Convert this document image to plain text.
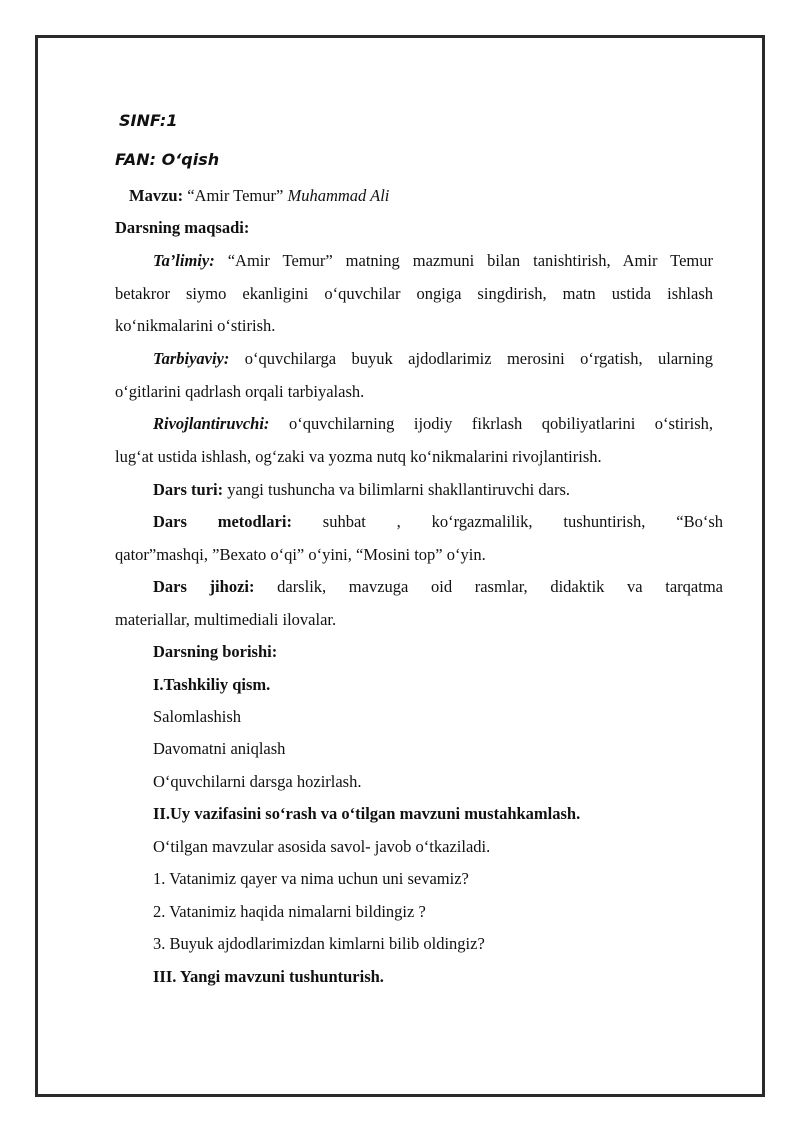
SINF:1

FAN: O‘qish

Mavzu: “Amir Temur” Muhammad Ali

Darsning maqsadi:

Ta’limiy: “Amir Temur” matning mazmuni bilan tanishtirish, Amir Temur

betakror siymo ekanligini o‘quvchilar ongiga singdirish, matn ustida ishlash

ko‘nikmalarini o‘stirish.

Tarbiyaviy: o‘quvchilarga buyuk ajdodlarimiz merosini o‘rgatish, ularning

o‘gitlarini qadrlash orqali tarbiyalash.

Rivojlantiruvchi: o‘quvchilarning ijodiy fikrlash qobiliyatlarini o‘stirish,

lug‘at ustida ishlash, og‘zaki va yozma nutq ko‘nikmalarini rivojlantirish.

Dars turi: yangi tushuncha va bilimlarni shakllantiruvchi dars.

Dars metodlari: suhbat , ko‘rgazmalilik, tushuntirish, “Bo‘sh

qator”mashqi, ”Bexato o‘qi” o‘yini, “Mosini top” o‘yin.

Dars jihozi: darslik, mavzuga oid rasmlar, didaktik va tarqatma

materiallar, multimediali ilovalar.

Darsning borishi:

I.Tashkiliy qism.

Salomlashish

Davomatni aniqlash

O‘quvchilarni darsga hozirlash.

II.Uy vazifasini so‘rash va o‘tilgan mavzuni mustahkamlash.

O‘tilgan mavzular asosida savol- javob o‘tkaziladi.

1. Vatanimiz qayer va nima uchun uni sevamiz?

2. Vatanimiz haqida nimalarni bildingiz ?

3. Buyuk ajdodlarimizdan kimlarni bilib oldingiz?

III. Yangi mavzuni tushunturish.
